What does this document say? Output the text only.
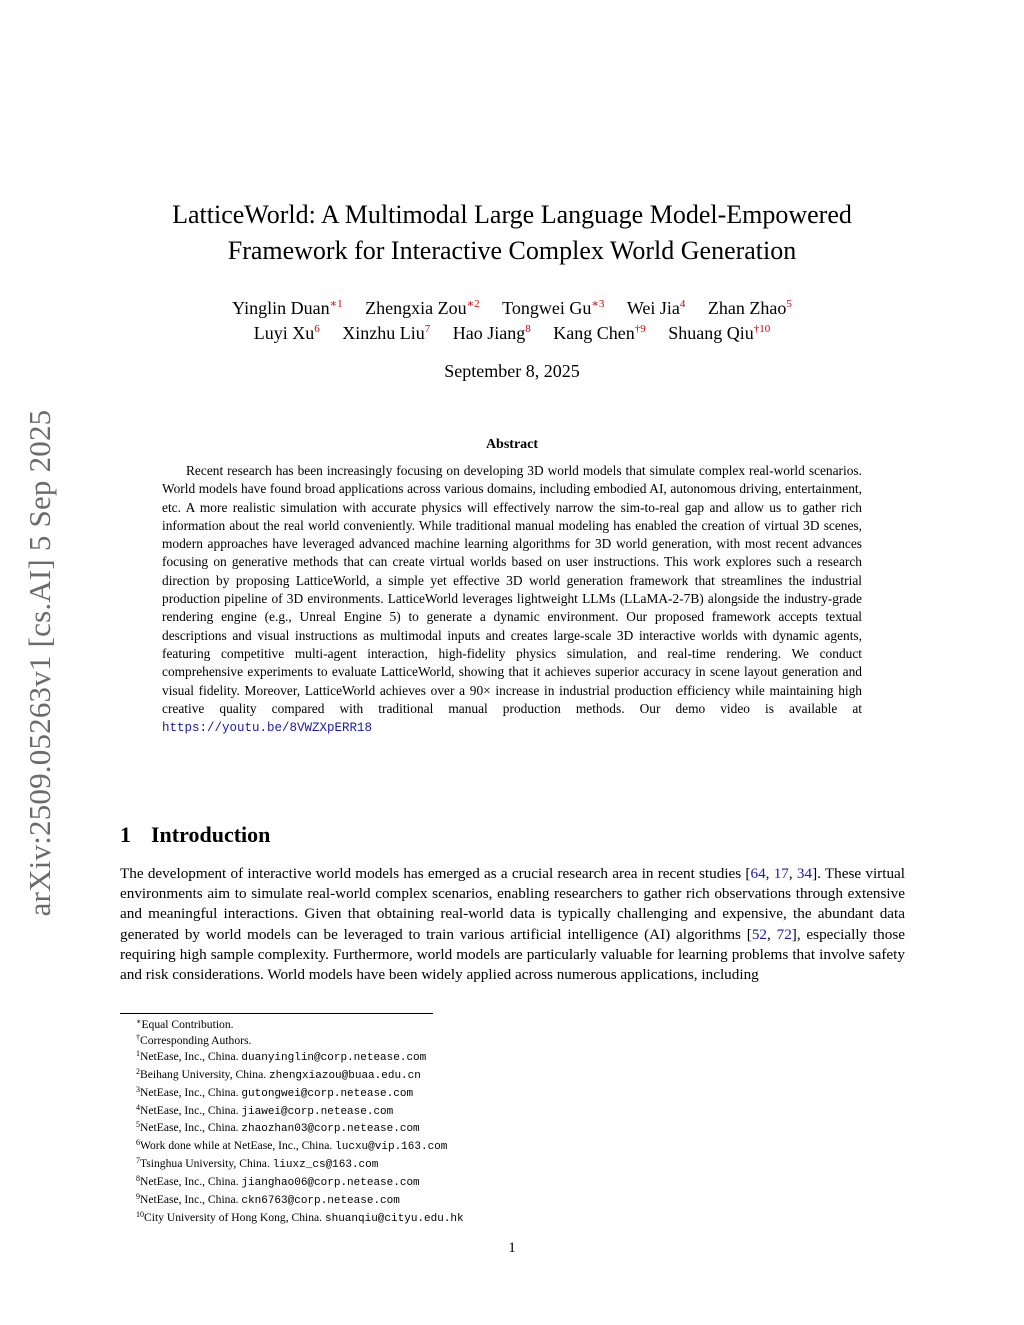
arXiv:2509.05263v1 [cs.AI] 5 Sep 2025
LatticeWorld: A Multimodal Large Language Model-Empowered
Framework for Interactive Complex World Generation
Yinglin Duan$^{∗1}$ Zhengxia Zou$^{∗2}$ Tongwei Gu$^{∗3}$ Wei Jia$^4$ Zhan Zhao$^5$
Luyi Xu$^6$ Xinzhu Liu$^7$ Hao Jiang$^8$ Kang Chen$^{\dagger 9}$ Shuang Qiu$^{\dagger 10}$
September 8, 2025
Abstract
Recent research has been increasingly focusing on developing 3D world models that simulate complex real-world scenarios. World models have found broad applications across various domains, including embodied AI, autonomous driving, entertainment, etc. A more realistic simulation with accurate physics will effectively narrow the sim-to-real gap and allow us to gather rich information about the real world conveniently. While traditional manual modeling has enabled the creation of virtual 3D scenes, modern approaches have leveraged advanced machine learning algorithms for 3D world generation, with most recent advances focusing on generative methods that can create virtual worlds based on user instructions. This work explores such a research direction by proposing LatticeWorld, a simple yet effective 3D world generation framework that streamlines the industrial production pipeline of 3D environments. LatticeWorld leverages lightweight LLMs (LLaMA-2-7B) alongside the industry-grade rendering engine (e.g., Unreal Engine 5) to generate a dynamic environment. Our proposed framework accepts textual descriptions and visual instructions as multimodal inputs and creates large-scale 3D interactive worlds with dynamic agents, featuring competitive multi-agent interaction, high-fidelity physics simulation, and real-time rendering. We conduct comprehensive experiments to evaluate LatticeWorld, showing that it achieves superior accuracy in scene layout generation and visual fidelity. Moreover, LatticeWorld achieves over a 90× increase in industrial production efficiency while maintaining high creative quality compared with traditional manual production methods. Our demo video is available at https://youtu.be/8VWZXpERR18
1 Introduction
The development of interactive world models has emerged as a crucial research area in recent studies [64, 17, 34]. These virtual environments aim to simulate real-world complex scenarios, enabling researchers to gather rich observations through extensive and meaningful interactions. Given that obtaining real-world data is typically challenging and expensive, the abundant data generated by world models can be leveraged to train various artificial intelligence (AI) algorithms [52, 72], especially those requiring high sample complexity. Furthermore, world models are particularly valuable for learning problems that involve safety and risk considerations. World models have been widely applied across numerous applications, including
∗Equal Contribution.
†Corresponding Authors.
$^1$NetEase, Inc., China. duanyinglin@corp.netease.com
$^2$Beihang University, China. zhengxiazou@buaa.edu.cn
$^3$NetEase, Inc., China. gutongwei@corp.netease.com
$^4$NetEase, Inc., China. jiawei@corp.netease.com
$^5$NetEase, Inc., China. zhaozhan03@corp.netease.com
$^6$Work done while at NetEase, Inc., China. lucxu@vip.163.com
$^7$Tsinghua University, China. liuxz_cs@163.com
$^8$NetEase, Inc., China. jianghao06@corp.netease.com
$^9$NetEase, Inc., China. ckn6763@corp.netease.com
$^{10}$City University of Hong Kong, China. shuanqiu@cityu.edu.hk
1
